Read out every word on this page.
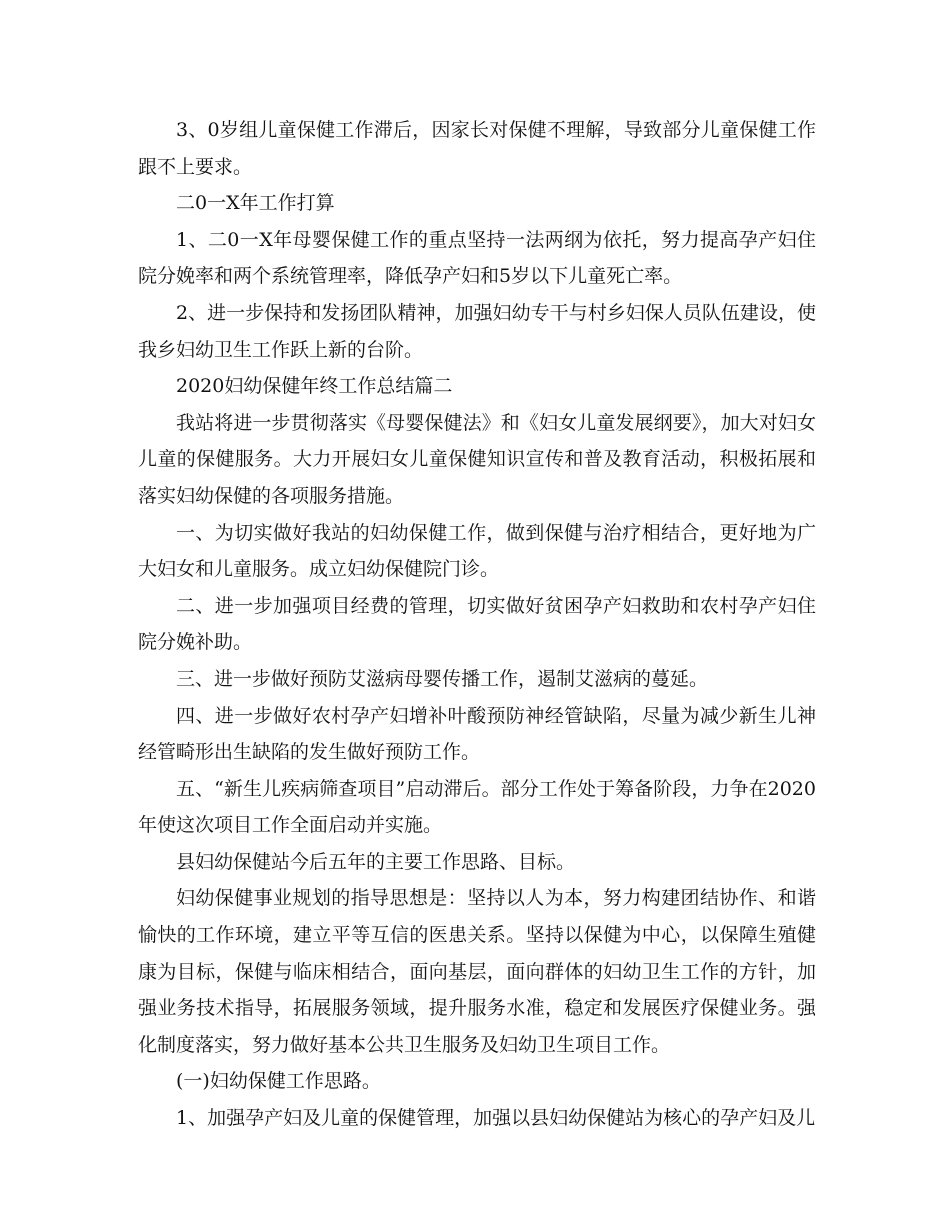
3、0岁组儿童保健工作滞后，因家长对保健不理解，导致部分儿童保健工作跟不上要求。

二0一X年工作打算

1、二0一X年母婴保健工作的重点坚持一法两纲为依托，努力提高孕产妇住院分娩率和两个系统管理率，降低孕产妇和5岁以下儿童死亡率。

2、进一步保持和发扬团队精神，加强妇幼专干与村乡妇保人员队伍建设，使我乡妇幼卫生工作跃上新的台阶。

2020妇幼保健年终工作总结篇二

我站将进一步贯彻落实《母婴保健法》和《妇女儿童发展纲要》，加大对妇女儿童的保健服务。大力开展妇女儿童保健知识宣传和普及教育活动，积极拓展和落实妇幼保健的各项服务措施。

一、为切实做好我站的妇幼保健工作，做到保健与治疗相结合，更好地为广大妇女和儿童服务。成立妇幼保健院门诊。

二、进一步加强项目经费的管理，切实做好贫困孕产妇救助和农村孕产妇住院分娩补助。

三、进一步做好预防艾滋病母婴传播工作，遏制艾滋病的蔓延。

四、进一步做好农村孕产妇增补叶酸预防神经管缺陷，尽量为减少新生儿神经管畸形出生缺陷的发生做好预防工作。

五、“新生儿疾病筛查项目”启动滞后。部分工作处于筹备阶段，力争在2020年使这次项目工作全面启动并实施。

县妇幼保健站今后五年的主要工作思路、目标。

妇幼保健事业规划的指导思想是：坚持以人为本，努力构建团结协作、和谐愉快的工作环境，建立平等互信的医患关系。坚持以保健为中心，以保障生殖健康为目标，保健与临床相结合，面向基层，面向群体的妇幼卫生工作的方针，加强业务技术指导，拓展服务领域，提升服务水准，稳定和发展医疗保健业务。强化制度落实，努力做好基本公共卫生服务及妇幼卫生项目工作。

(一)妇幼保健工作思路。

1、加强孕产妇及儿童的保健管理，加强以县妇幼保健站为核心的孕产妇及儿
